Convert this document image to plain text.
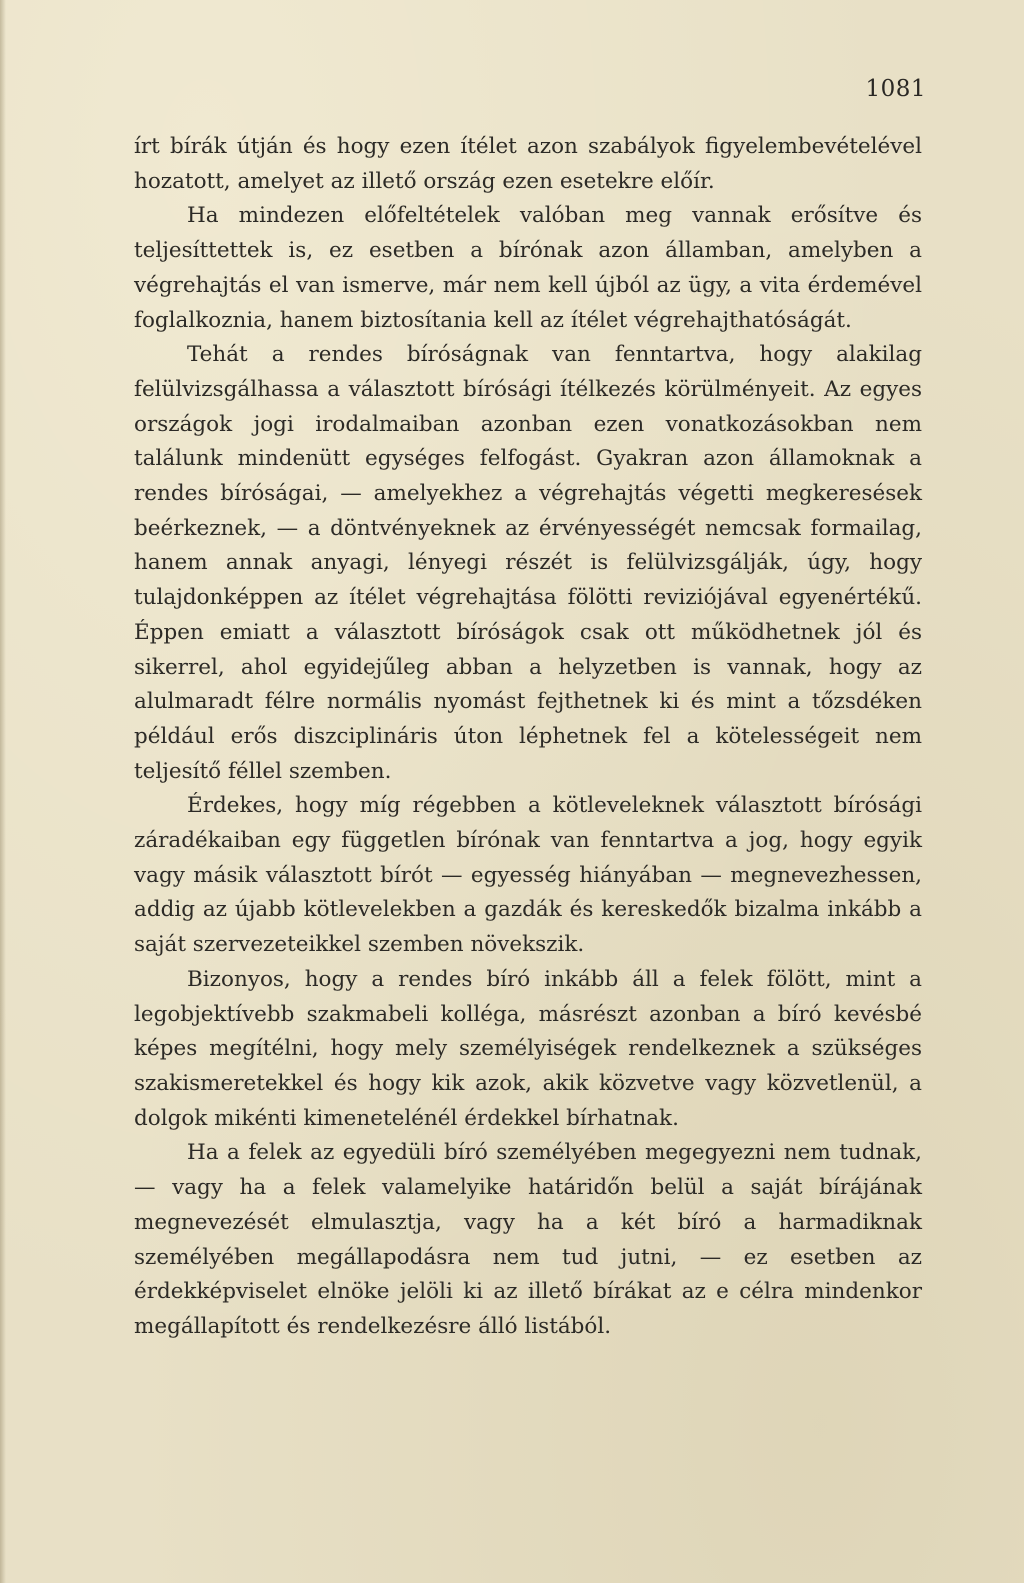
1081

írt bírák útján és hogy ezen ítélet azon szabályok figyelembevételével hozatott, amelyet az illető ország ezen esetekre előír.

Ha mindezen előfeltételek valóban meg vannak erősítve és teljesíttettek is, ez esetben a bírónak azon államban, amelyben a végrehajtás el van ismerve, már nem kell újból az ügy, a vita érdemével foglalkoznia, hanem biztosítania kell az ítélet végrehajthatóságát.

Tehát a rendes bíróságnak van fenntartva, hogy alakilag felülvizsgálhassa a választott bírósági ítélkezés körülményeit. Az egyes országok jogi irodalmaiban azonban ezen vonatkozásokban nem találunk mindenütt egységes felfogást. Gyakran azon államoknak a rendes bíróságai, — amelyekhez a végrehajtás végetti megkeresések beérkeznek, — a döntvényeknek az érvényességét nemcsak formailag, hanem annak anyagi, lényegi részét is felülvizsgálják, úgy, hogy tulajdonképpen az ítélet végrehajtása fölötti reviziójával egyenértékű. Éppen emiatt a választott bíróságok csak ott működhetnek jól és sikerrel, ahol egyidejűleg abban a helyzetben is vannak, hogy az alulmaradt félre normális nyomást fejthetnek ki és mint a tőzsdéken például erős diszciplináris úton léphetnek fel a kötelességeit nem teljesítő féllel szemben.

Érdekes, hogy míg régebben a kötleveleknek választott bírósági záradékaiban egy független bírónak van fenntartva a jog, hogy egyik vagy másik választott bírót — egyesség hiányában — megnevezhessen, addig az újabb kötlevelekben a gazdák és kereskedők bizalma inkább a saját szervezeteikkel szemben növekszik.

Bizonyos, hogy a rendes bíró inkább áll a felek fölött, mint a legobjektívebb szakmabeli kolléga, másrészt azonban a bíró kevésbé képes megítélni, hogy mely személyiségek rendelkeznek a szükséges szakismeretekkel és hogy kik azok, akik közvetve vagy közvetlenül, a dolgok mikénti kimenetelénél érdekkel bírhatnak.

Ha a felek az egyedüli bíró személyében megegyezni nem tudnak, — vagy ha a felek valamelyike határidőn belül a saját bírájának megnevezését elmulasztja, vagy ha a két bíró a harmadiknak személyében megállapodásra nem tud jutni, — ez esetben az érdekképviselet elnöke jelöli ki az illető bírákat az e célra mindenkor megállapított és rendelkezésre álló listából.
